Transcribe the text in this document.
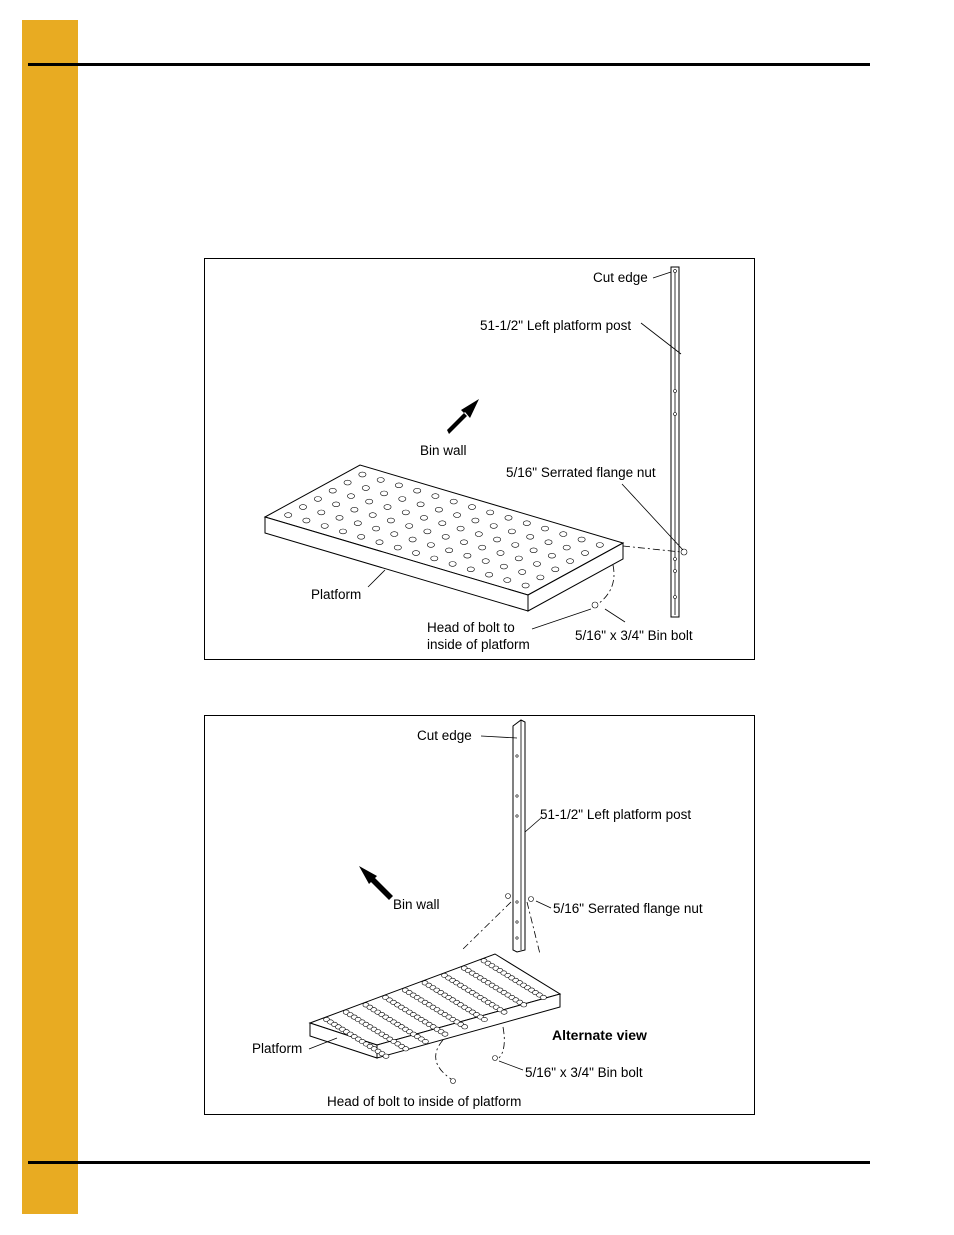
Cut edge
51-1/2" Left platform post
Bin wall
5/16" Serrated flange nut
Platform
Head of bolt to
inside of platform
5/16" x 3/4" Bin bolt
Cut edge
51-1/2" Left platform post
Bin wall	5/16" Serrated flange nut
Alternate view
Platform
5/16" x 3/4" Bin bolt
Head of bolt to inside of platform
